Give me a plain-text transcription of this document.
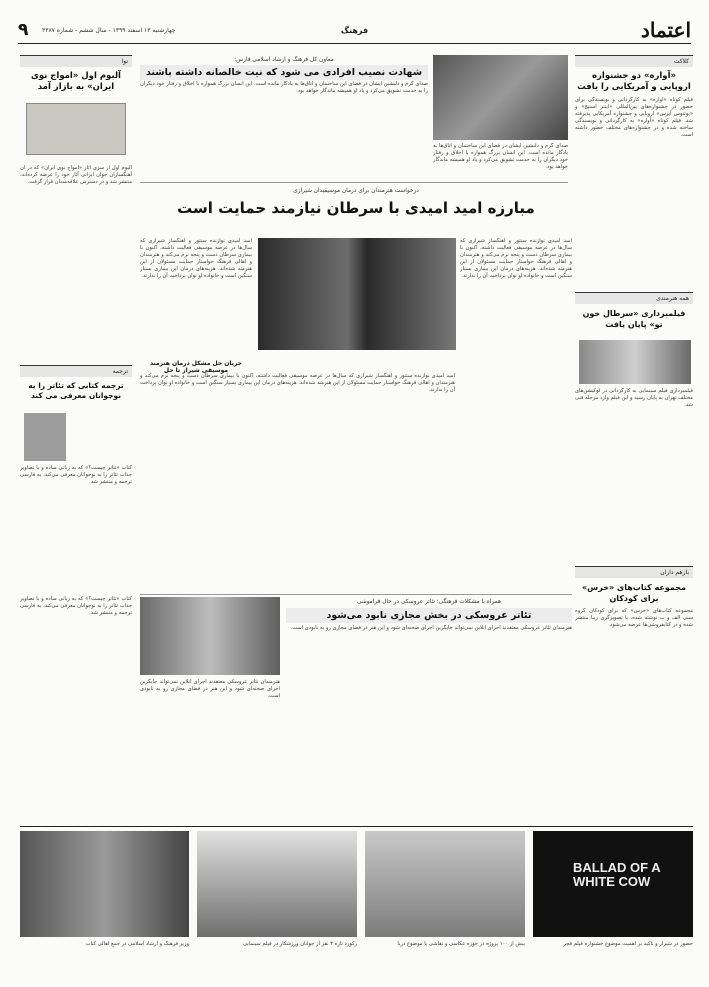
۹ چهارشنبه ۱۳ اسفند ۱۳۹۹ - سال ششم - شماره ۳۳۸۷	فرهنگ	اعتماد
کلاکت
«آواره» دو جشنواره اروپایی و آمریکایی را یافت
فیلم کوتاه «آواره» به کارگردانی و نویسندگی برای حضور در جشنواره‌های بین‌المللی «اینتر استیج» و «بوئنوس آیرس» اروپایی و جشنواره آمریکایی پذیرفته شد. فیلم کوتاه «آواره» به کارگردانی و نویسندگی ساخته شده و در جشنواره‌های مختلف حضور داشته است.
معاون کل فرهنگ و ارشاد اسلامی فارس:
شهادت نصیب افرادی می شود که نیت خالصانه داشته باشند
صدای گرم و دلنشین ایشان در فضای این ساختمان و اتاق‌ها به یادگار مانده است. این انسان بزرگ همواره با اخلاق و رفتار خود دیگران را به خدمت تشویق می‌کرد و یاد او همیشه ماندگار خواهد بود.
صدای گرم و دلنشین ایشان در فضای این ساختمان و اتاق‌ها به یادگار مانده است. این انسان بزرگ همواره با اخلاق و رفتار خود دیگران را به خدمت تشویق می‌کرد و یاد او همیشه ماندگار خواهد بود.
نوا
آلبوم اول «امواج نوی ایران» به بازار آمد
آلبوم اول از سری آثار «امواج نوی ایران» که در آن آهنگسازان جوان ایرانی آثار خود را عرضه کرده‌اند، منتشر شد و در دسترس علاقه‌مندان قرار گرفت.
درخواست هنرمندان برای درمان موسیقیدان شیرازی
مبارزه امید امیدی با سرطان نیازمند حمایت است
امید امیدی نوازنده سنتور و آهنگساز شیرازی که سال‌ها در عرصه موسیقی فعالیت داشته، اکنون با بیماری سرطان دست و پنجه نرم می‌کند و هنرمندان و اهالی فرهنگ خواستار حمایت مسئولان از این هنرمند شده‌اند. هزینه‌های درمان این بیماری بسیار سنگین است و خانواده او توان پرداخت آن را ندارند.
امید امیدی نوازنده سنتور و آهنگساز شیرازی که سال‌ها در عرصه موسیقی فعالیت داشته، اکنون با بیماری سرطان دست و پنجه نرم می‌کند و هنرمندان و اهالی فرهنگ خواستار حمایت مسئولان از این هنرمند شده‌اند. هزینه‌های درمان این بیماری بسیار سنگین است و خانواده او توان پرداخت آن را ندارند.
جریان حل مشکل درمان هنرمند موسیقی شیراز تا حل
امید امیدی نوازنده سنتور و آهنگساز شیرازی که سال‌ها در عرصه موسیقی فعالیت داشته، اکنون با بیماری سرطان دست و پنجه نرم می‌کند و هنرمندان و اهالی فرهنگ خواستار حمایت مسئولان از این هنرمند شده‌اند. هزینه‌های درمان این بیماری بسیار سنگین است و خانواده او توان پرداخت آن را ندارند.
ترجمه
ترجمه کتابی که تئاتر را به نوجوانان معرفی می کند
کتاب «تئاتر چیست؟» که به زبانی ساده و با تصاویر جذاب تئاتر را به نوجوانان معرفی می‌کند، به فارسی ترجمه و منتشر شد.
همه هنرمندی
فیلمبرداری «سرطال خون تو» پایان یافت
فیلمبرداری فیلم سینمایی به کارگردانی در لوکیشن‌های مختلف تهران به پایان رسید و این فیلم وارد مرحله فنی شد.
بازهم داران
مجموعه کتاب‌های «خرس» برای کودکان
مجموعه کتاب‌های «خرس» که برای کودکان گروه سنی الف و ب نوشته شده، با تصویرگری زیبا منتشر شده و در کتابفروشی‌ها عرضه می‌شود.
همراه با مشکلات فرهنگی؛ تئاتر عروسکی در حال فراموشی
تئاتر عروسکی در بخش مجازی نابود می‌شود
هنرمندان تئاتر عروسکی معتقدند اجرای آنلاین نمی‌تواند جایگزین اجرای صحنه‌ای شود و این هنر در فضای مجازی رو به نابودی است.
هنرمندان تئاتر عروسکی معتقدند اجرای آنلاین نمی‌تواند جایگزین اجرای صحنه‌ای شود و این هنر در فضای مجازی رو به نابودی است.
کتاب «تئاتر چیست؟» که به زبانی ساده و با تصاویر جذاب تئاتر را به نوجوانان معرفی می‌کند، به فارسی ترجمه و منتشر شد.
BALLAD OF A WHITE COW
حضور در شیراز و تاکید بر اهمیت موضوع جشنواره فیلم فجر
بیش از ۱۰۰ پروژه در حوزه عکاسی و نقاشی با موضوع دریا
رکورد تازه ۳ نفر از جوانان ورزشکار در فیلم سینمایی
وزیر فرهنگ و ارشاد اسلامی در جمع اهالی کتاب
